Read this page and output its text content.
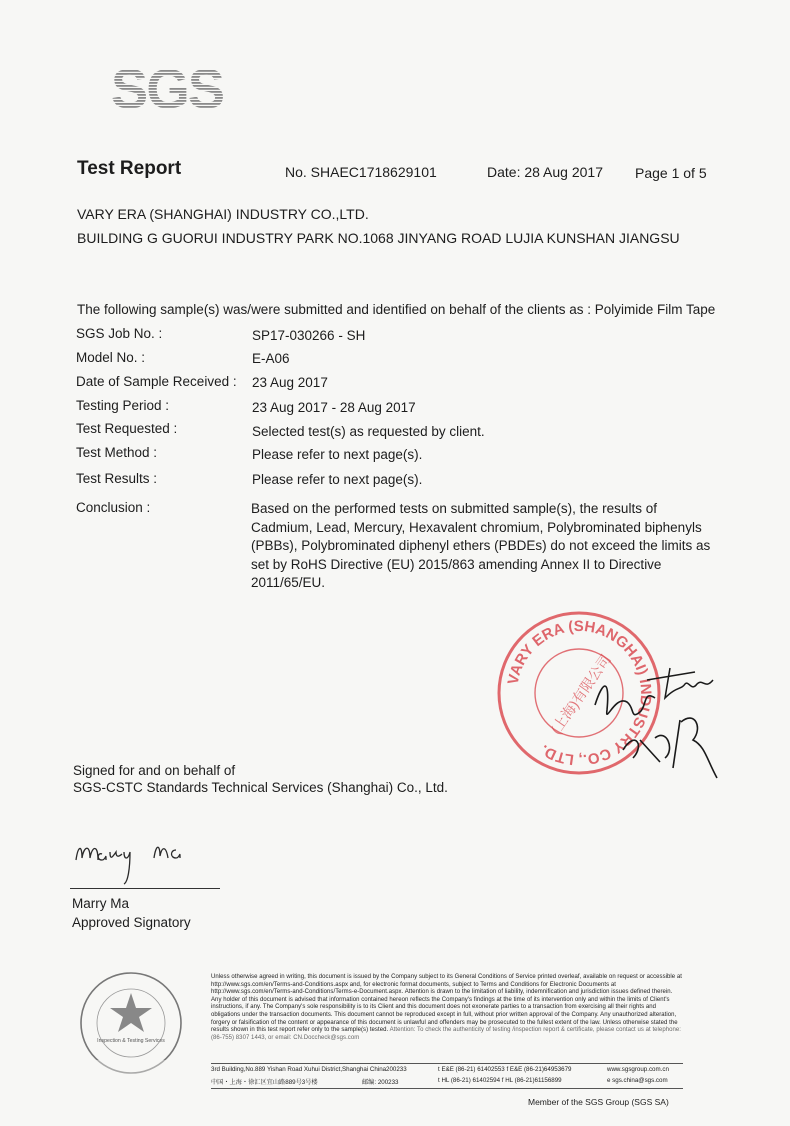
SGS
Test Report	No. SHAEC1718629101	Date: 28 Aug 2017 Page 1 of 5
VARY ERA (SHANGHAI) INDUSTRY CO.,LTD.
BUILDING G GUORUI INDUSTRY PARK NO.1068 JINYANG ROAD LUJIA KUNSHAN JIANGSU
The following sample(s) was/were submitted and identified on behalf of the clients as : Polyimide Film Tape
SGS Job No. :	SP17-030266 - SH
Model No. :	E-A06
Date of Sample Received : 23 Aug 2017
Testing Period :	23 Aug 2017 - 28 Aug 2017
Test Requested :	Selected test(s) as requested by client.
Test Method :	Please refer to next page(s).
Test Results :	Please refer to next page(s).
Conclusion :	Based on the performed tests on submitted sample(s), the results of Cadmium, Lead, Mercury, Hexavalent chromium, Polybrominated biphenyls (PBBs), Polybrominated diphenyl ethers (PBDEs) do not exceed the limits as set by RoHS Directive (EU) 2015/863 amending Annex II to Directive 2011/65/EU.
VARY ERA (SHANGHAI) INDUSTRY CO., LTD.
(上海)有限公司
Signed for and on behalf of
SGS-CSTC Standards Technical Services (Shanghai) Co., Ltd.
Marry Ma
Approved Signatory
Inspection & Testing Services
Unless otherwise agreed in writing, this document is issued by the Company subject to its General Conditions of Service printed overleaf, available on request or accessible at http://www.sgs.com/en/Terms-and-Conditions.aspx and, for electronic format documents, subject to Terms and Conditions for Electronic Documents at http://www.sgs.com/en/Terms-and-Conditions/Terms-e-Document.aspx. Attention is drawn to the limitation of liability, indemnification and jurisdiction issues defined therein. Any holder of this document is advised that information contained hereon reflects the Company's findings at the time of its intervention only and within the limits of Client's instructions, if any. The Company's sole responsibility is to its Client and this document does not exonerate parties to a transaction from exercising all their rights and obligations under the transaction documents. This document cannot be reproduced except in full, without prior written approval of the Company. Any unauthorized alteration, forgery or falsification of the content or appearance of this document is unlawful and offenders may be prosecuted to the fullest extent of the law. Unless otherwise stated the results shown in this test report refer only to the sample(s) tested. Attention: To check the authenticity of testing /inspection report & certificate, please contact us at telephone: (86-755) 8307 1443, or email: CN.Doccheck@sgs.com
3rd Building,No.889 Yishan Road Xuhui District,Shanghai China 200233	t E&E (86-21) 61402553 f E&E (86-21)64953679	www.sgsgroup.com.cn
中国・上海・徐汇区宜山路889号3号楼	邮编: 200233	t HL (86-21) 61402594 f HL (86-21)61156899	e sgs.china@sgs.com
Member of the SGS Group (SGS SA)
